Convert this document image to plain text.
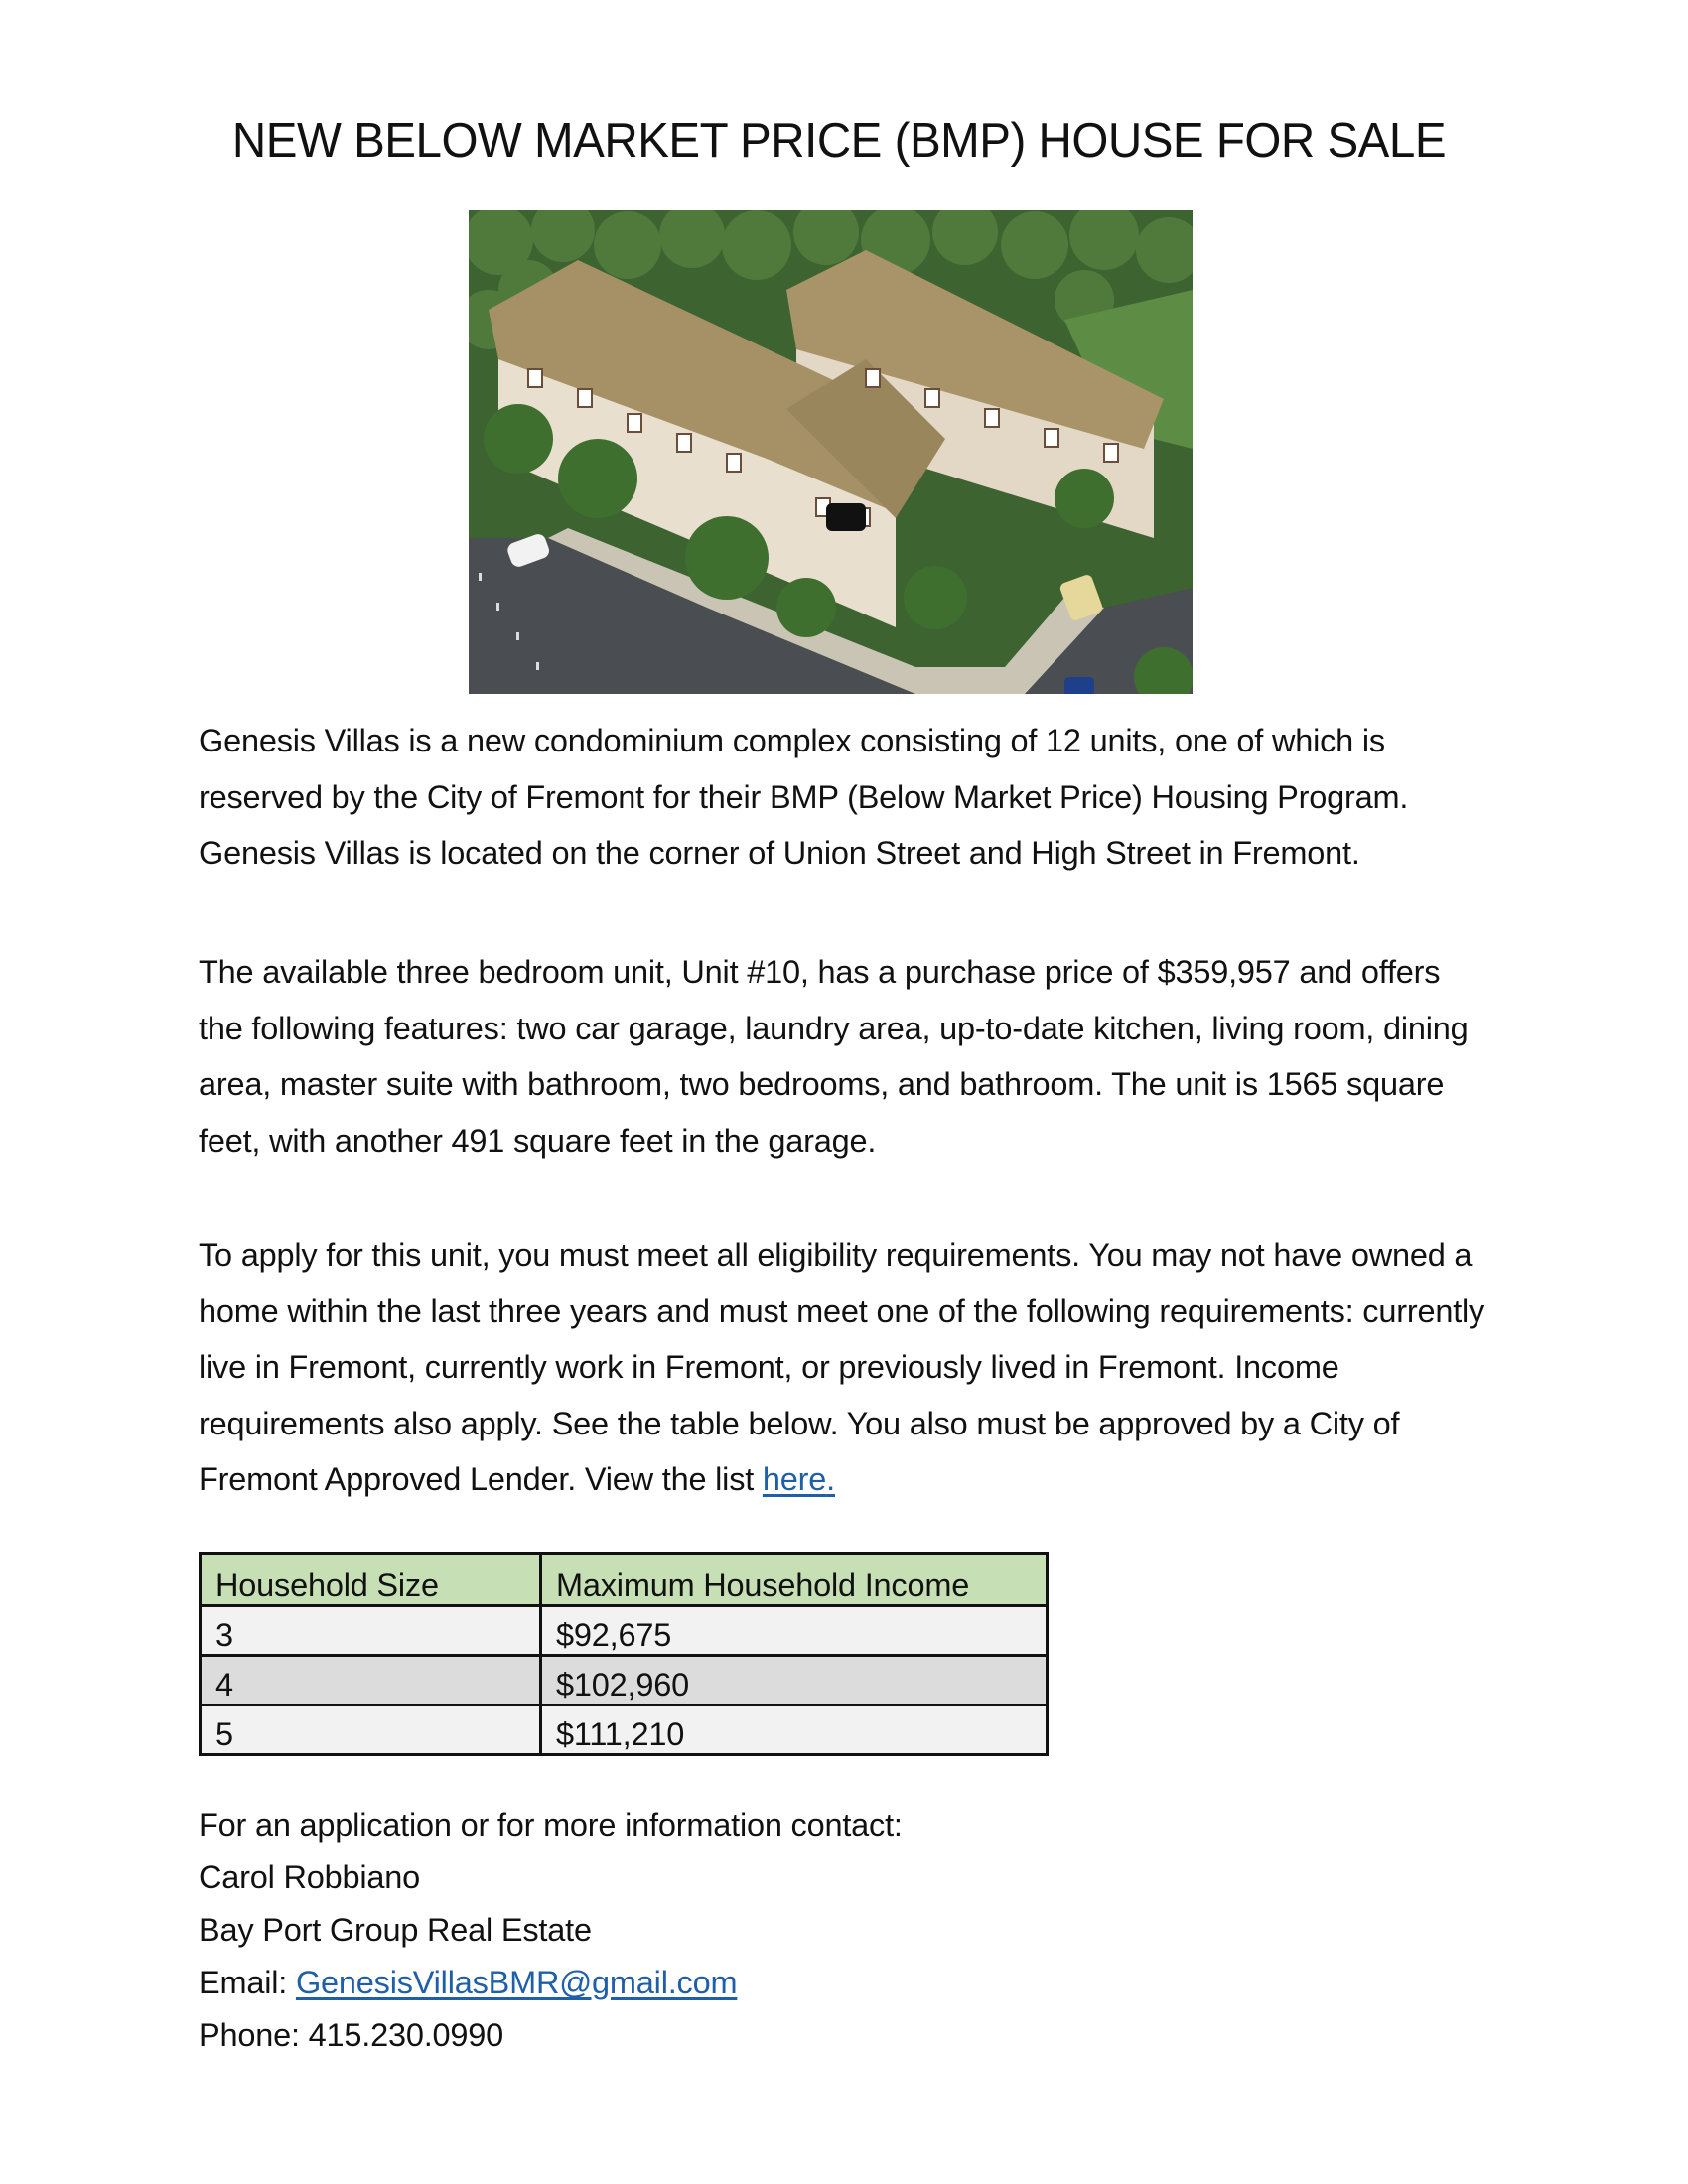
NEW BELOW MARKET PRICE (BMP) HOUSE FOR SALE

Genesis Villas is a new condominium complex consisting of 12 units, one of which is reserved by the City of Fremont for their BMP (Below Market Price) Housing Program. Genesis Villas is located on the corner of Union Street and High Street in Fremont.

The available three bedroom unit, Unit #10, has a purchase price of $359,957 and offers the following features: two car garage, laundry area, up-to-date kitchen, living room, dining area, master suite with bathroom, two bedrooms, and bathroom. The unit is 1565 square feet, with another 491 square feet in the garage.

To apply for this unit, you must meet all eligibility requirements. You may not have owned a home within the last three years and must meet one of the following requirements: currently live in Fremont, currently work in Fremont, or previously lived in Fremont. Income requirements also apply. See the table below. You also must be approved by a City of Fremont Approved Lender. View the list here.

Household Size	Maximum Household Income
3	$92,675
4	$102,960
5	$111,210
For an application or for more information contact:
Carol Robbiano
Bay Port Group Real Estate
Email: GenesisVillasBMR@gmail.com
Phone: 415.230.0990
